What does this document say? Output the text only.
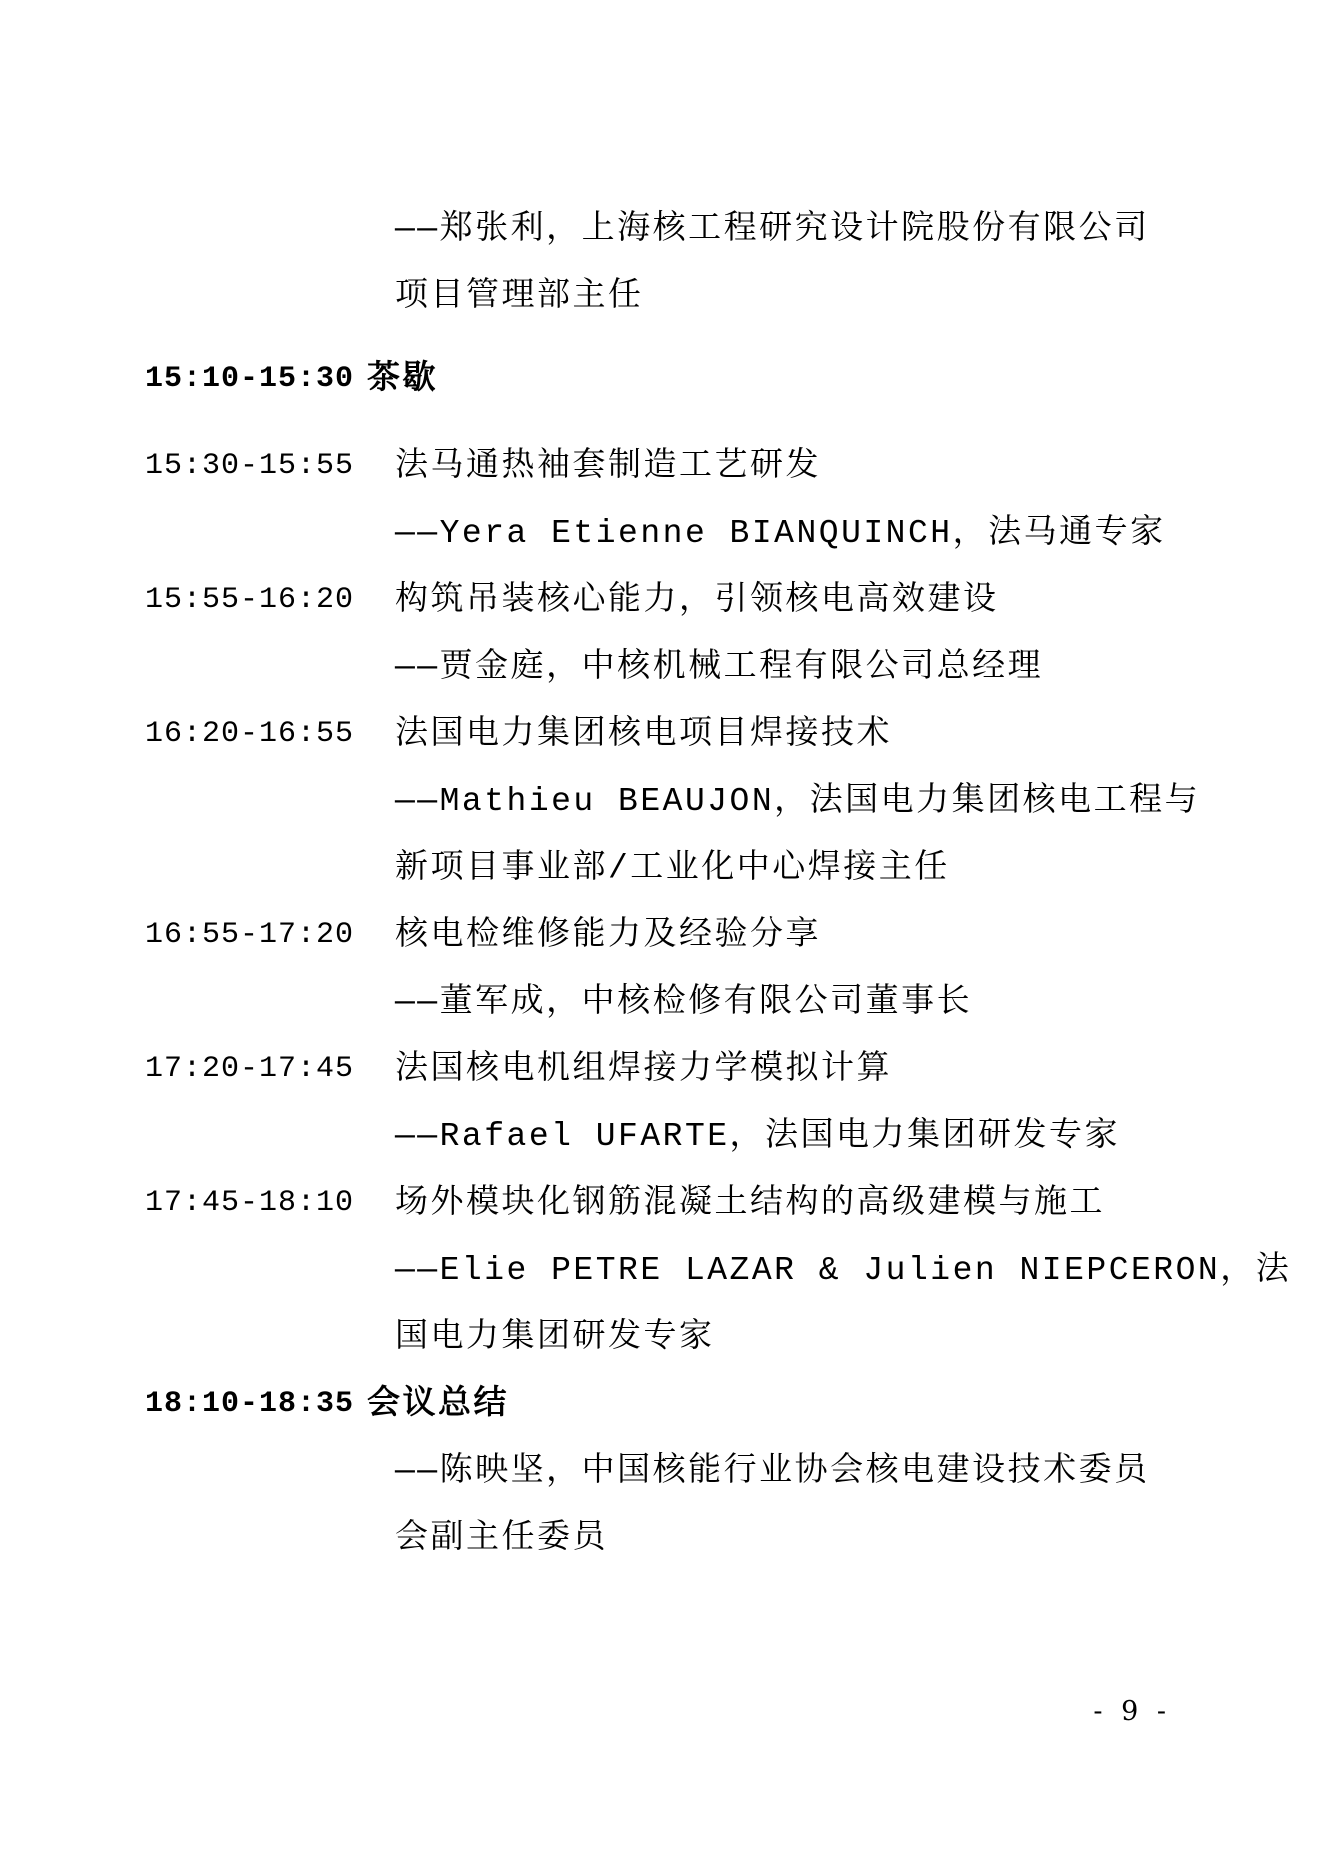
——郑张利，上海核工程研究设计院股份有限公司
项目管理部主任
15:10-15:30 茶歇
15:30-15:55	法马通热袖套制造工艺研发
——Yera Etienne BIANQUINCH，法马通专家
15:55-16:20	构筑吊装核心能力，引领核电高效建设
——贾金庭，中核机械工程有限公司总经理
16:20-16:55	法国电力集团核电项目焊接技术
——Mathieu BEAUJON，法国电力集团核电工程与
新项目事业部/工业化中心焊接主任
16:55-17:20	核电检维修能力及经验分享
——董军成，中核检修有限公司董事长
17:20-17:45	法国核电机组焊接力学模拟计算
——Rafael UFARTE，法国电力集团研发专家
17:45-18:10	场外模块化钢筋混凝土结构的高级建模与施工
——Elie PETRE LAZAR & Julien NIEPCERON，法
国电力集团研发专家
18:10-18:35 会议总结
——陈映坚，中国核能行业协会核电建设技术委员
会副主任委员
- 9 -
